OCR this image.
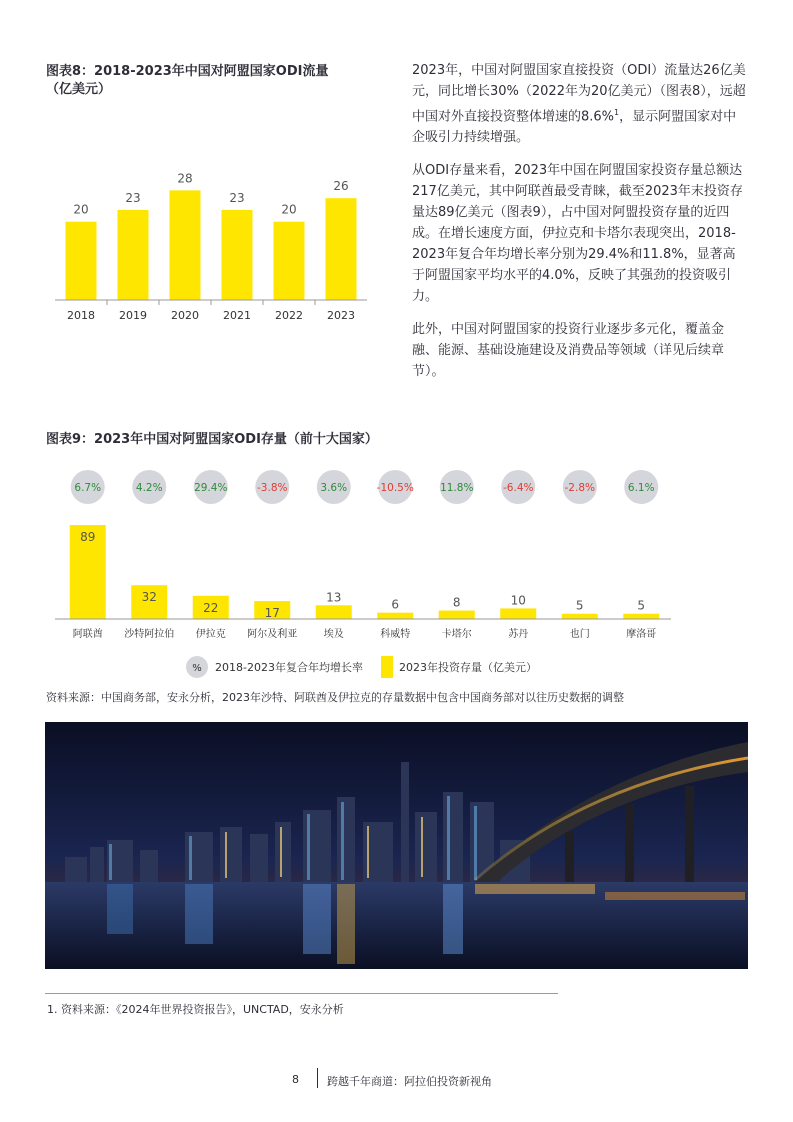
图表8：2018-2023年中国对阿盟国家ODI流量
（亿美元）
20
2018
23
2019
28
2020
23
2021
20
2022
26
2023

2023年，中国对阿盟国家直接投资（ODI）流量达26亿美元，同比增长30%（2022年为20亿美元）（图表8），远超中国对外直接投资整体增速的8.6%$^1$，显示阿盟国家对中企吸引力持续增强。

从ODI存量来看，2023年中国在阿盟国家投资存量总额达217亿美元，其中阿联酋最受青睐，截至2023年末投资存量达89亿美元（图表9），占中国对阿盟投资存量的近四成。在增长速度方面，伊拉克和卡塔尔表现突出，2018-2023年复合年均增长率分别为29.4%和11.8%，显著高于阿盟国家平均水平的4.0%，反映了其强劲的投资吸引力。

此外，中国对阿盟国家的投资行业逐步多元化，覆盖金融、能源、基础设施建设及消费品等领域（详见后续章节）。

图表9：2023年中国对阿盟国家ODI存量（前十大国家）
6.7%
89
阿联酋
4.2%
32
沙特阿拉伯
29.4%
22
伊拉克
-3.8%
17
阿尔及利亚
3.6%
13
埃及
-10.5%
6
科威特
11.8%
8
卡塔尔
-6.4%
10
苏丹
-2.8%
5
也门
6.1%
5
摩洛哥
% 2018-2023年复合年均增长率	2023年投资存量（亿美元）
资料来源：中国商务部，安永分析，2023年沙特、阿联酋及伊拉克的存量数据中包含中国商务部对以往历史数据的调整
1. 资料来源：《2024年世界投资报告》，UNCTAD，安永分析
8	跨越千年商道：阿拉伯投资新视角
